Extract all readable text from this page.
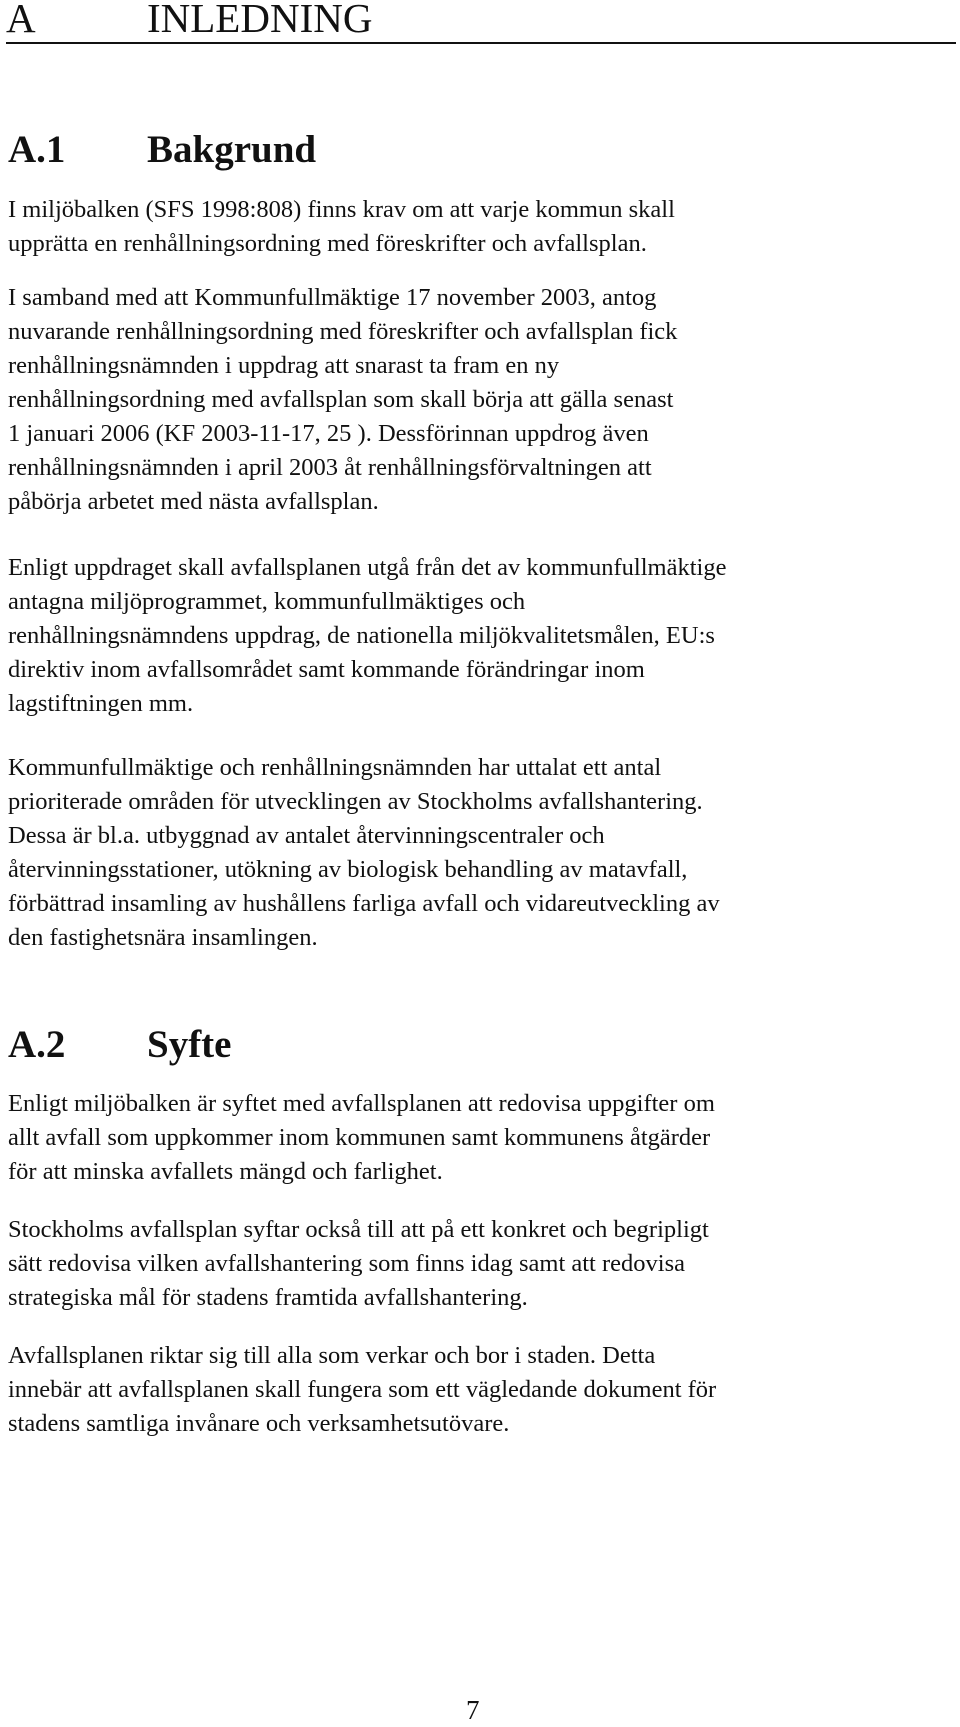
A	INLEDNING
A.1 Bakgrund

I miljöbalken (SFS 1998:808) finns krav om att varje kommun skall
upprätta en renhållningsordning med föreskrifter och avfallsplan.

I samband med att Kommunfullmäktige 17 november 2003, antog
nuvarande renhållningsordning med föreskrifter och avfallsplan fick
renhållningsnämnden i uppdrag att snarast ta fram en ny
renhållningsordning med avfallsplan som skall börja att gälla senast
1 januari 2006 (KF 2003-11-17, 25 ). Dessförinnan uppdrog även
renhållningsnämnden i april 2003 åt renhållningsförvaltningen att
påbörja arbetet med nästa avfallsplan.

Enligt uppdraget skall avfallsplanen utgå från det av kommunfullmäktige
antagna miljöprogrammet, kommunfullmäktiges och
renhållningsnämndens uppdrag, de nationella miljökvalitetsmålen, EU:s
direktiv inom avfallsområdet samt kommande förändringar inom
lagstiftningen mm.

Kommunfullmäktige och renhållningsnämnden har uttalat ett antal
prioriterade områden för utvecklingen av Stockholms avfallshantering.
Dessa är bl.a. utbyggnad av antalet återvinningscentraler och
återvinningsstationer, utökning av biologisk behandling av matavfall,
förbättrad insamling av hushållens farliga avfall och vidareutveckling av
den fastighetsnära insamlingen.

A.2 Syfte

Enligt miljöbalken är syftet med avfallsplanen att redovisa uppgifter om
allt avfall som uppkommer inom kommunen samt kommunens åtgärder
för att minska avfallets mängd och farlighet.

Stockholms avfallsplan syftar också till att på ett konkret och begripligt
sätt redovisa vilken avfallshantering som finns idag samt att redovisa
strategiska mål för stadens framtida avfallshantering.

Avfallsplanen riktar sig till alla som verkar och bor i staden. Detta
innebär att avfallsplanen skall fungera som ett vägledande dokument för
stadens samtliga invånare och verksamhetsutövare.

7
